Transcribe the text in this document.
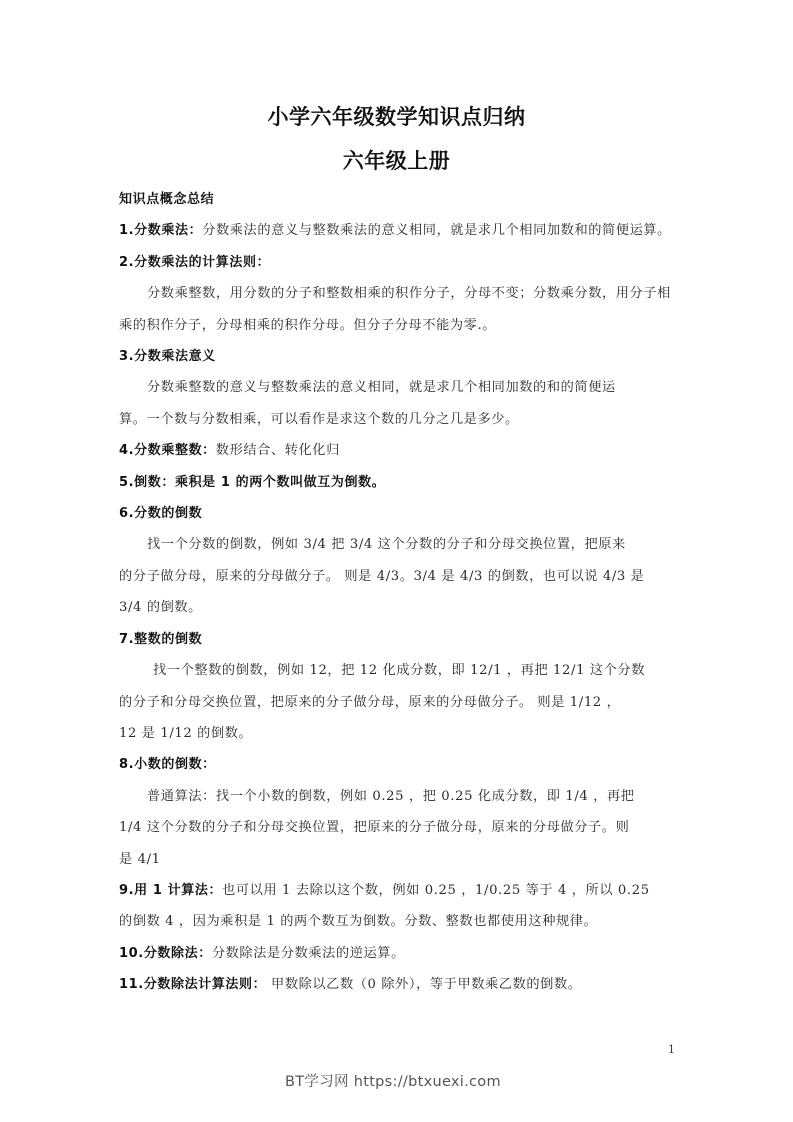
小学六年级数学知识点归纳
六年级上册
知识点概念总结
1.分数乘法：分数乘法的意义与整数乘法的意义相同，就是求几个相同加数和的简便运算。
2.分数乘法的计算法则：
分数乘整数，用分数的分子和整数相乘的积作分子，分母不变；分数乘分数，用分子相
乘的积作分子，分母相乘的积作分母。但分子分母不能为零.。
3.分数乘法意义
分数乘整数的意义与整数乘法的意义相同，就是求几个相同加数的和的简便运
算。一个数与分数相乘，可以看作是求这个数的几分之几是多少。
4.分数乘整数：数形结合、转化化归
5.倒数：乘积是 1 的两个数叫做互为倒数。
6.分数的倒数
找一个分数的倒数，例如 3/4 把 3/4 这个分数的分子和分母交换位置，把原来
的分子做分母，原来的分母做分子。 则是 4/3。3/4 是 4/3 的倒数，也可以说 4/3 是
3/4 的倒数。
7.整数的倒数
找一个整数的倒数，例如 12，把 12 化成分数，即 12/1 ，再把 12/1 这个分数
的分子和分母交换位置，把原来的分子做分母，原来的分母做分子。 则是 1/12 ，
12 是 1/12 的倒数。
8.小数的倒数：
普通算法：找一个小数的倒数，例如 0.25 ，把 0.25 化成分数，即 1/4 ，再把
1/4 这个分数的分子和分母交换位置，把原来的分子做分母，原来的分母做分子。则
是 4/1
9.用 1 计算法：也可以用 1 去除以这个数，例如 0.25 ，1/0.25 等于 4 ，所以 0.25
的倒数 4 ，因为乘积是 1 的两个数互为倒数。分数、整数也都使用这种规律。
10.分数除法：分数除法是分数乘法的逆运算。
11.分数除法计算法则： 甲数除以乙数（0 除外），等于甲数乘乙数的倒数。
1
BT学习网 https://btxuexi.com
